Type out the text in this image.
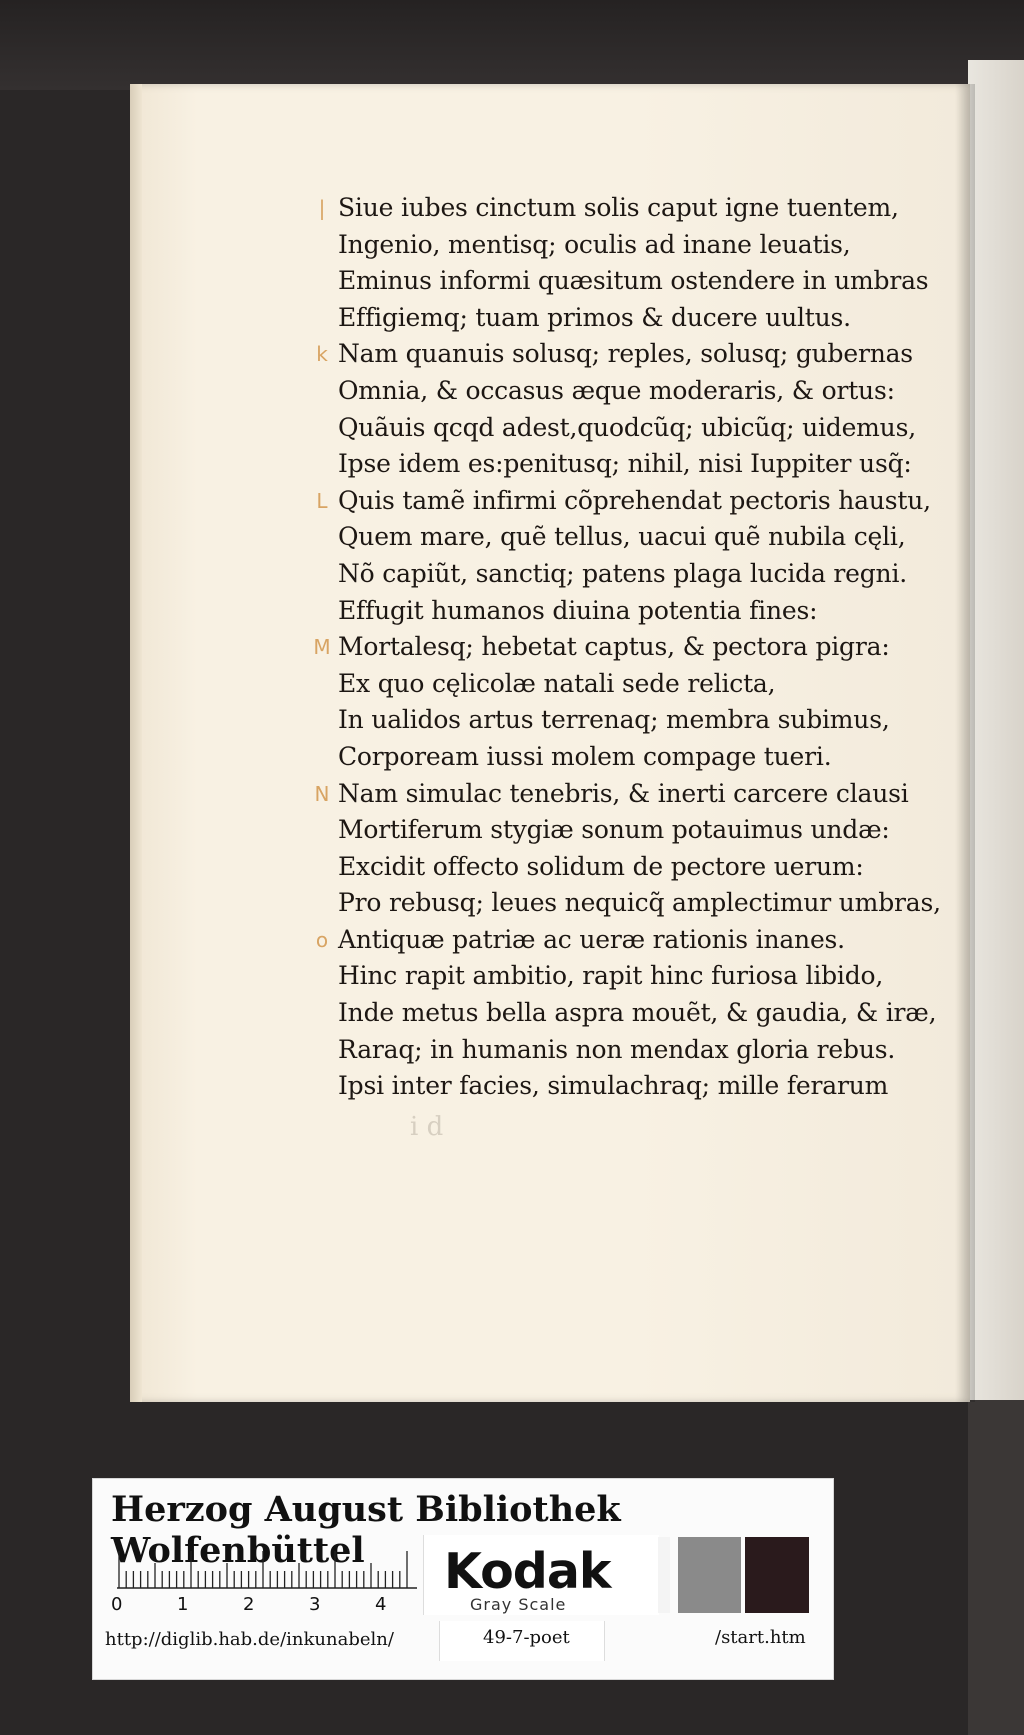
|
k
L
M
N
o
Siue iubes cinctum solis caput igne tuentem,
Ingenio, mentisq; oculis ad inane leuatis,
Eminus informi quæsitum ostendere in umbras
Effigiemq; tuam primos & ducere uultus.
Nam quanuis solusq; reples, solusq; gubernas
Omnia, & occasus æque moderaris, & ortus:
Quãuis qcqd adest,quodcũq; ubicũq; uidemus,
Ipse idem es:penitusq; nihil, nisi Iuppiter usq̃:
Quis tamẽ infirmi cõprehendat pectoris haustu,
Quem mare, quẽ tellus, uacui quẽ nubila cęli,
Nõ capiũt, sanctiq; patens plaga lucida regni.
Effugit humanos diuina potentia fines:
Mortalesq; hebetat captus, & pectora pigra:
Ex quo cęlicolæ natali sede relicta,
In ualidos artus terrenaq; membra subimus,
Corpoream iussi molem compage tueri.
Nam simulac tenebris, & inerti carcere clausi
Mortiferum stygiæ sonum potauimus undæ:
Excidit offecto solidum de pectore uerum:
Pro rebusq; leues nequicq̃ amplectimur umbras,
Antiquæ patriæ ac ueræ rationis inanes.
Hinc rapit ambitio, rapit hinc furiosa libido,
Inde metus bella aspra mouẽt, & gaudia, & iræ,
Raraq; in humanis non mendax gloria rebus.
Ipsi inter facies, simulachraq; mille ferarum
i d
Herzog August Bibliothek Wolfenbüttel
0	1	2	3	4
Kodak
Gray Scale
http://diglib.hab.de/inkunabeln/	49-7-poet	/start.htm
